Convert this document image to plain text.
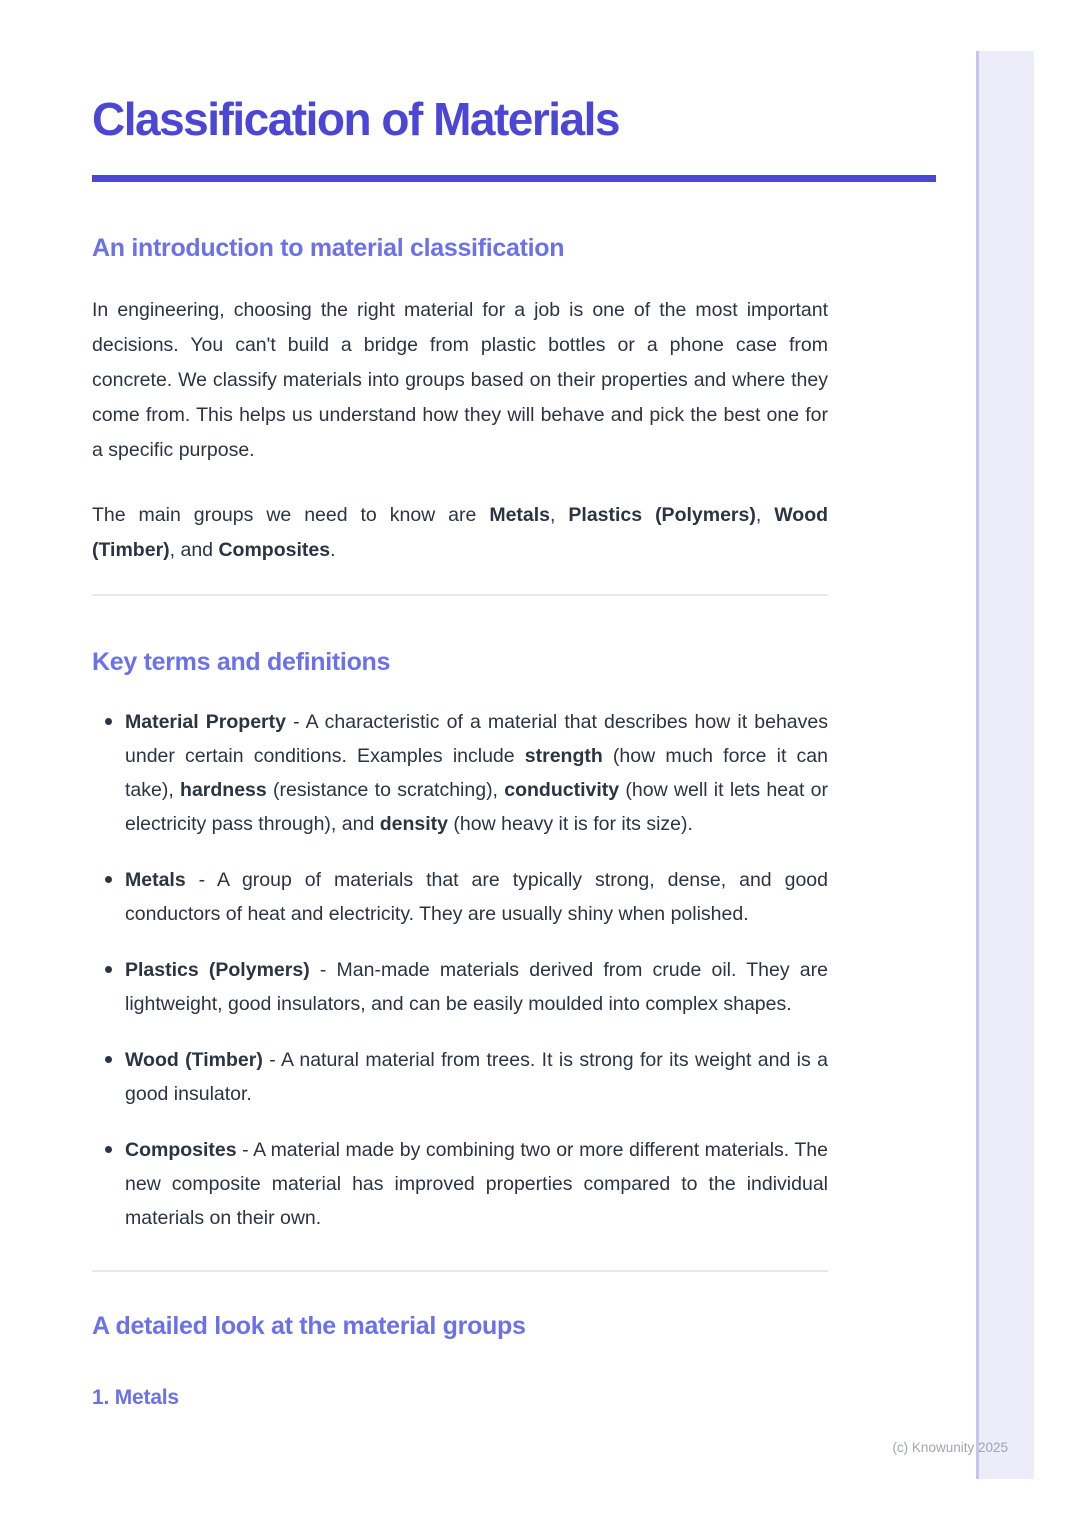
Classification of Materials
An introduction to material classification

In engineering, choosing the right material for a job is one of the most important decisions. You can't build a bridge from plastic bottles or a phone case from concrete. We classify materials into groups based on their properties and where they come from. This helps us understand how they will behave and pick the best one for a specific purpose.

The main groups we need to know are Metals, Plastics (Polymers), Wood (Timber), and Composites.

Key terms and definitions
Material Property - A characteristic of a material that describes how it behaves under certain conditions. Examples include strength (how much force it can take), hardness (resistance to scratching), conductivity (how well it lets heat or electricity pass through), and density (how heavy it is for its size).
Metals - A group of materials that are typically strong, dense, and good conductors of heat and electricity. They are usually shiny when polished.
Plastics (Polymers) - Man-made materials derived from crude oil. They are lightweight, good insulators, and can be easily moulded into complex shapes.
Wood (Timber) - A natural material from trees. It is strong for its weight and is a good insulator.
Composites - A material made by combining two or more different materials. The new composite material has improved properties compared to the individual materials on their own.
A detailed look at the material groups
1. Metals
(c) Knowunity 2025
